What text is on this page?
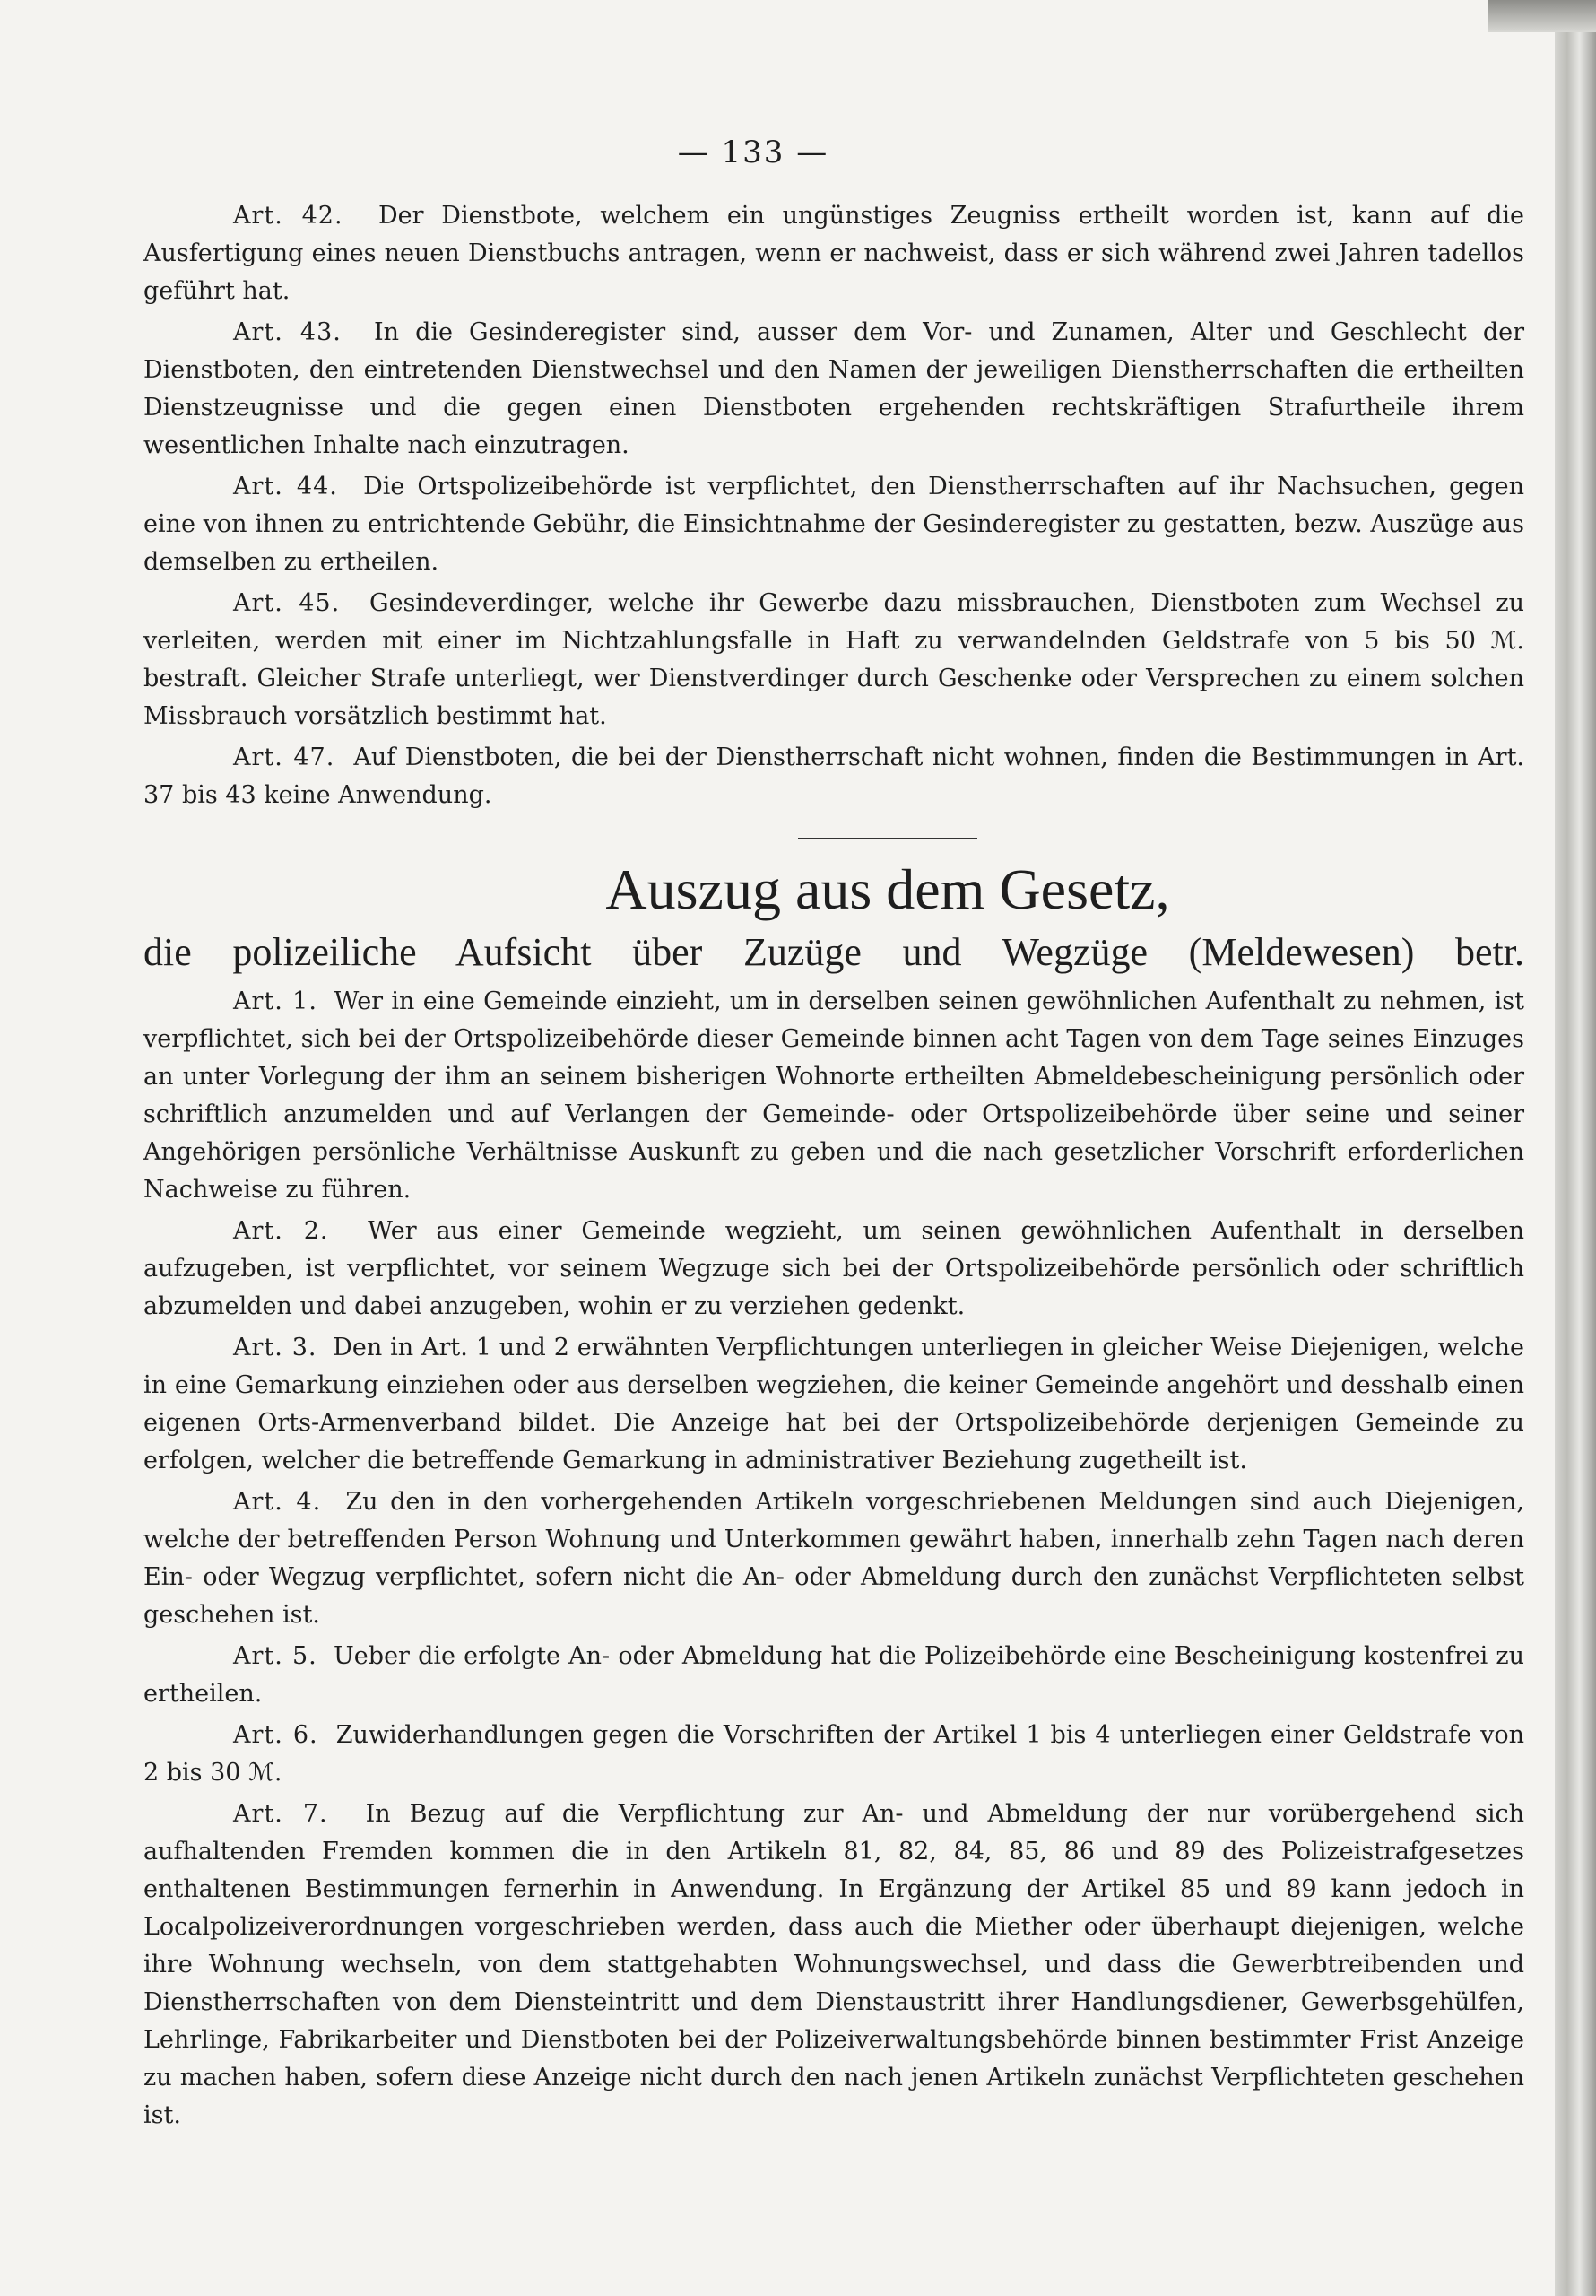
— 133 —

Art. 42. Der Dienstbote, welchem ein ungünstiges Zeugniss ertheilt worden ist, kann auf die Ausfertigung eines neuen Dienstbuchs antragen, wenn er nachweist, dass er sich während zwei Jahren tadellos geführt hat.

Art. 43. In die Gesinderegister sind, ausser dem Vor- und Zunamen, Alter und Geschlecht der Dienstboten, den eintretenden Dienstwechsel und den Namen der jeweiligen Dienstherrschaften die ertheilten Dienstzeugnisse und die gegen einen Dienstboten ergehenden rechtskräftigen Strafurtheile ihrem wesentlichen Inhalte nach einzutragen.

Art. 44. Die Ortspolizeibehörde ist verpflichtet, den Dienstherrschaften auf ihr Nachsuchen, gegen eine von ihnen zu entrichtende Gebühr, die Einsichtnahme der Gesinderegister zu gestatten, bezw. Auszüge aus demselben zu ertheilen.

Art. 45. Gesindeverdinger, welche ihr Gewerbe dazu missbrauchen, Dienstboten zum Wechsel zu verleiten, werden mit einer im Nichtzahlungsfalle in Haft zu verwandelnden Geldstrafe von 5 bis 50 ℳ. bestraft. Gleicher Strafe unterliegt, wer Dienstverdinger durch Geschenke oder Versprechen zu einem solchen Missbrauch vorsätzlich bestimmt hat.

Art. 47. Auf Dienstboten, die bei der Dienstherrschaft nicht wohnen, finden die Bestimmungen in Art. 37 bis 43 keine Anwendung.

Auszug aus dem Gesetz,
die polizeiliche Aufsicht über Zuzüge und Wegzüge (Meldewesen) betr.

Art. 1. Wer in eine Gemeinde einzieht, um in derselben seinen gewöhnlichen Aufenthalt zu nehmen, ist verpflichtet, sich bei der Ortspolizeibehörde dieser Gemeinde binnen acht Tagen von dem Tage seines Einzuges an unter Vorlegung der ihm an seinem bisherigen Wohnorte ertheilten Abmeldebescheinigung persönlich oder schriftlich anzumelden und auf Verlangen der Gemeinde- oder Ortspolizeibehörde über seine und seiner Angehörigen persönliche Verhältnisse Auskunft zu geben und die nach gesetzlicher Vorschrift erforderlichen Nachweise zu führen.

Art. 2. Wer aus einer Gemeinde wegzieht, um seinen gewöhnlichen Aufenthalt in derselben aufzugeben, ist verpflichtet, vor seinem Wegzuge sich bei der Ortspolizeibehörde persönlich oder schriftlich abzumelden und dabei anzugeben, wohin er zu verziehen gedenkt.

Art. 3. Den in Art. 1 und 2 erwähnten Verpflichtungen unterliegen in gleicher Weise Diejenigen, welche in eine Gemarkung einziehen oder aus derselben wegziehen, die keiner Gemeinde angehört und desshalb einen eigenen Orts-Armenverband bildet. Die Anzeige hat bei der Ortspolizeibehörde derjenigen Gemeinde zu erfolgen, welcher die betreffende Gemarkung in administrativer Beziehung zugetheilt ist.

Art. 4. Zu den in den vorhergehenden Artikeln vorgeschriebenen Meldungen sind auch Diejenigen, welche der betreffenden Person Wohnung und Unterkommen gewährt haben, innerhalb zehn Tagen nach deren Ein- oder Wegzug verpflichtet, sofern nicht die An- oder Abmeldung durch den zunächst Verpflichteten selbst geschehen ist.

Art. 5. Ueber die erfolgte An- oder Abmeldung hat die Polizeibehörde eine Bescheinigung kostenfrei zu ertheilen.

Art. 6. Zuwiderhandlungen gegen die Vorschriften der Artikel 1 bis 4 unterliegen einer Geldstrafe von 2 bis 30 ℳ.

Art. 7. In Bezug auf die Verpflichtung zur An- und Abmeldung der nur vorübergehend sich aufhaltenden Fremden kommen die in den Artikeln 81, 82, 84, 85, 86 und 89 des Polizeistrafgesetzes enthaltenen Bestimmungen fernerhin in Anwendung. In Ergänzung der Artikel 85 und 89 kann jedoch in Localpolizeiverordnungen vorgeschrieben werden, dass auch die Miether oder überhaupt diejenigen, welche ihre Wohnung wechseln, von dem stattgehabten Wohnungswechsel, und dass die Gewerbtreibenden und Dienstherrschaften von dem Diensteintritt und dem Dienstaustritt ihrer Handlungsdiener, Gewerbsgehülfen, Lehrlinge, Fabrikarbeiter und Dienstboten bei der Polizeiverwaltungsbehörde binnen bestimmter Frist Anzeige zu machen haben, sofern diese Anzeige nicht durch den nach jenen Artikeln zunächst Verpflichteten geschehen ist.
